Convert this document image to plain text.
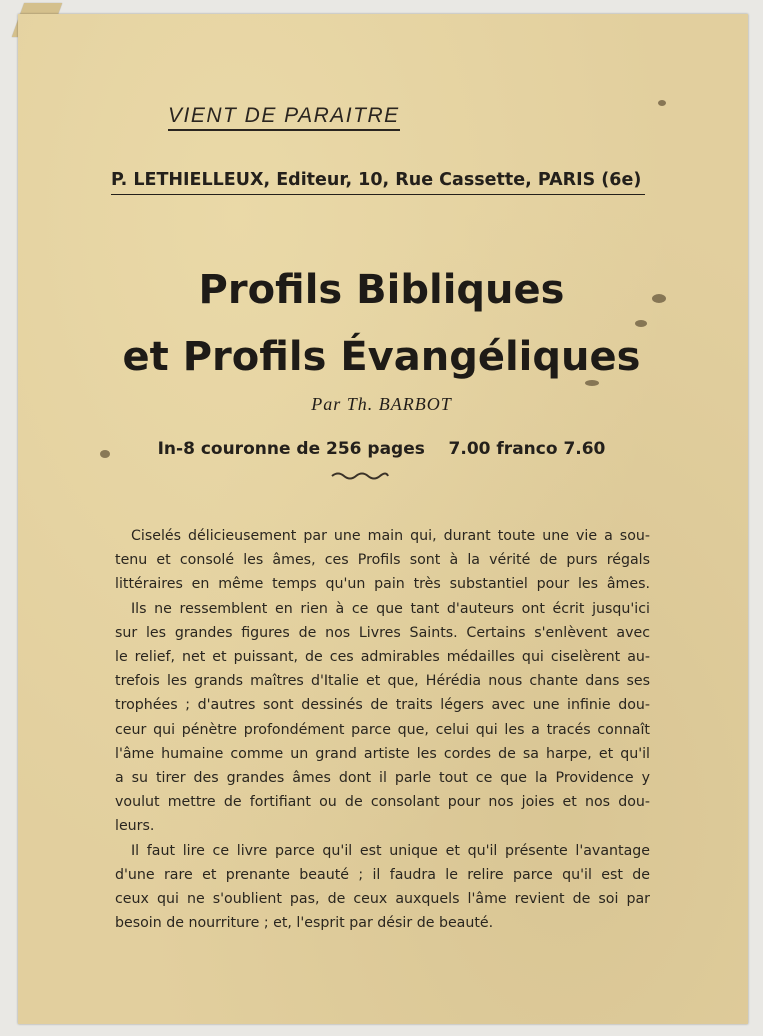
VIENT DE PARAITRE
P. LETHIELLEUX, Editeur, 10, Rue Cassette, PARIS (6e)
Profils Bibliques
et Profils Évangéliques
Par Th. BARBOT
In-8 couronne de 256 pages    7.00 franco 7.60

Ciselés délicieusement par une main qui, durant toute une vie a sou-
tenu et consolé les âmes, ces Profils sont à la vérité de purs régals
littéraires en même temps qu'un pain très substantiel pour les âmes.

Ils ne ressemblent en rien à ce que tant d'auteurs ont écrit jusqu'ici
sur les grandes figures de nos Livres Saints. Certains s'enlèvent avec
le relief, net et puissant, de ces admirables médailles qui ciselèrent au-
trefois les grands maîtres d'Italie et que, Hérédia nous chante dans ses
trophées ; d'autres sont dessinés de traits légers avec une infinie dou-
ceur qui pénètre profondément parce que, celui qui les a tracés connaît
l'âme humaine comme un grand artiste les cordes de sa harpe, et qu'il
a su tirer des grandes âmes dont il parle tout ce que la Providence y
voulut mettre de fortifiant ou de consolant pour nos joies et nos dou-
leurs.

Il faut lire ce livre parce qu'il est unique et qu'il présente l'avantage
d'une rare et prenante beauté ; il faudra le relire parce qu'il est de
ceux qui ne s'oublient pas, de ceux auxquels l'âme revient de soi par
besoin de nourriture ; et, l'esprit par désir de beauté.
